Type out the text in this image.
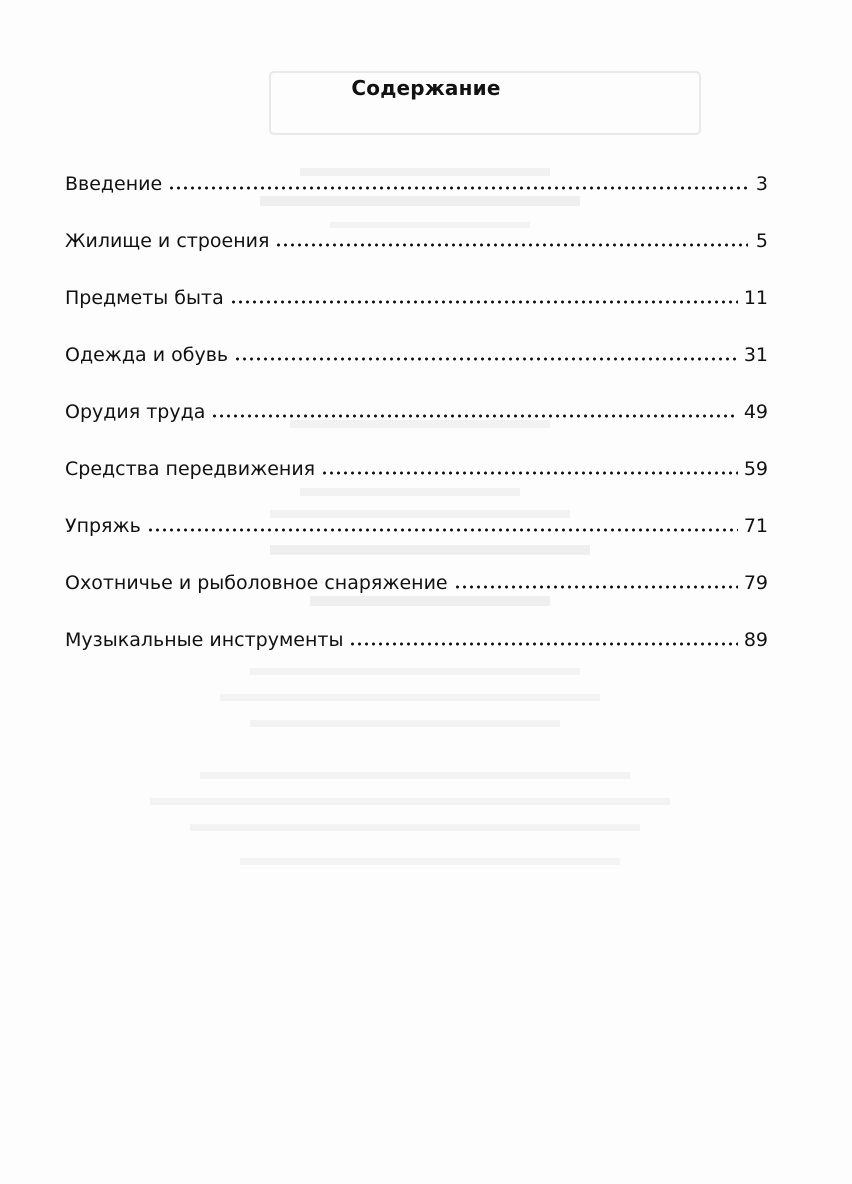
Содержание
Введение	3
Жилище и строения	5
Предметы быта	11
Одежда и обувь	31
Орудия труда	49
Средства передвижения	59
Упряжь	71
Охотничье и рыболовное снаряжение	79
Музыкальные инструменты	89
